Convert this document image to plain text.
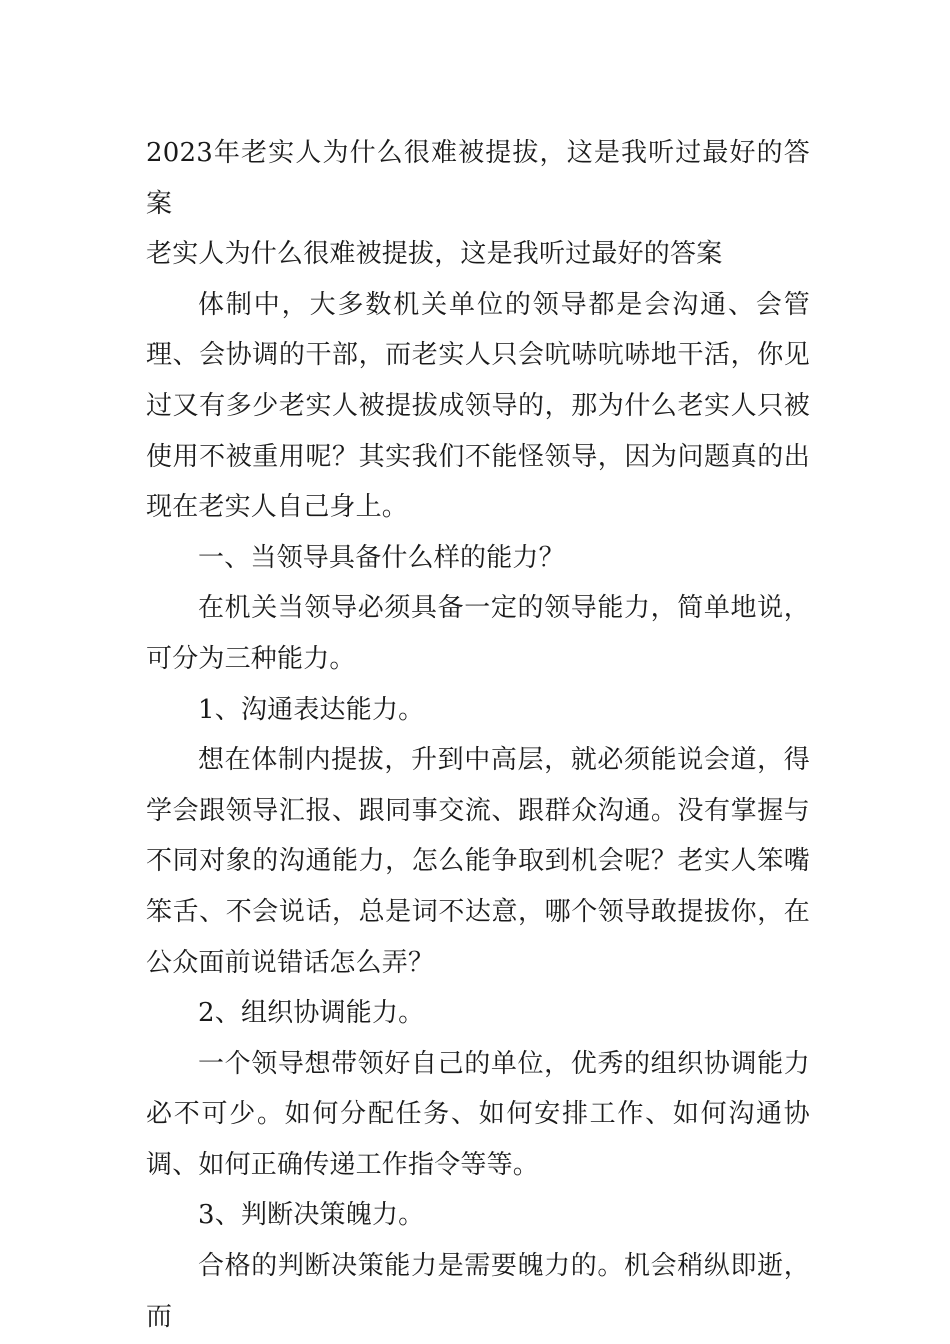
2023年老实人为什么很难被提拔，这是我听过最好的答案

老实人为什么很难被提拔，这是我听过最好的答案

体制中，大多数机关单位的领导都是会沟通、会管理、会协调的干部，而老实人只会吭哧吭哧地干活，你见过又有多少老实人被提拔成领导的，那为什么老实人只被使用不被重用呢？其实我们不能怪领导，因为问题真的出现在老实人自己身上。

一、当领导具备什么样的能力？

在机关当领导必须具备一定的领导能力，简单地说，可分为三种能力。

1、沟通表达能力。

想在体制内提拔，升到中高层，就必须能说会道，得学会跟领导汇报、跟同事交流、跟群众沟通。没有掌握与不同对象的沟通能力，怎么能争取到机会呢？老实人笨嘴笨舌、不会说话，总是词不达意，哪个领导敢提拔你，在公众面前说错话怎么弄？

2、组织协调能力。

一个领导想带领好自己的单位，优秀的组织协调能力必不可少。如何分配任务、如何安排工作、如何沟通协调、如何正确传递工作指令等等。

3、判断决策魄力。

合格的判断决策能力是需要魄力的。机会稍纵即逝，而
